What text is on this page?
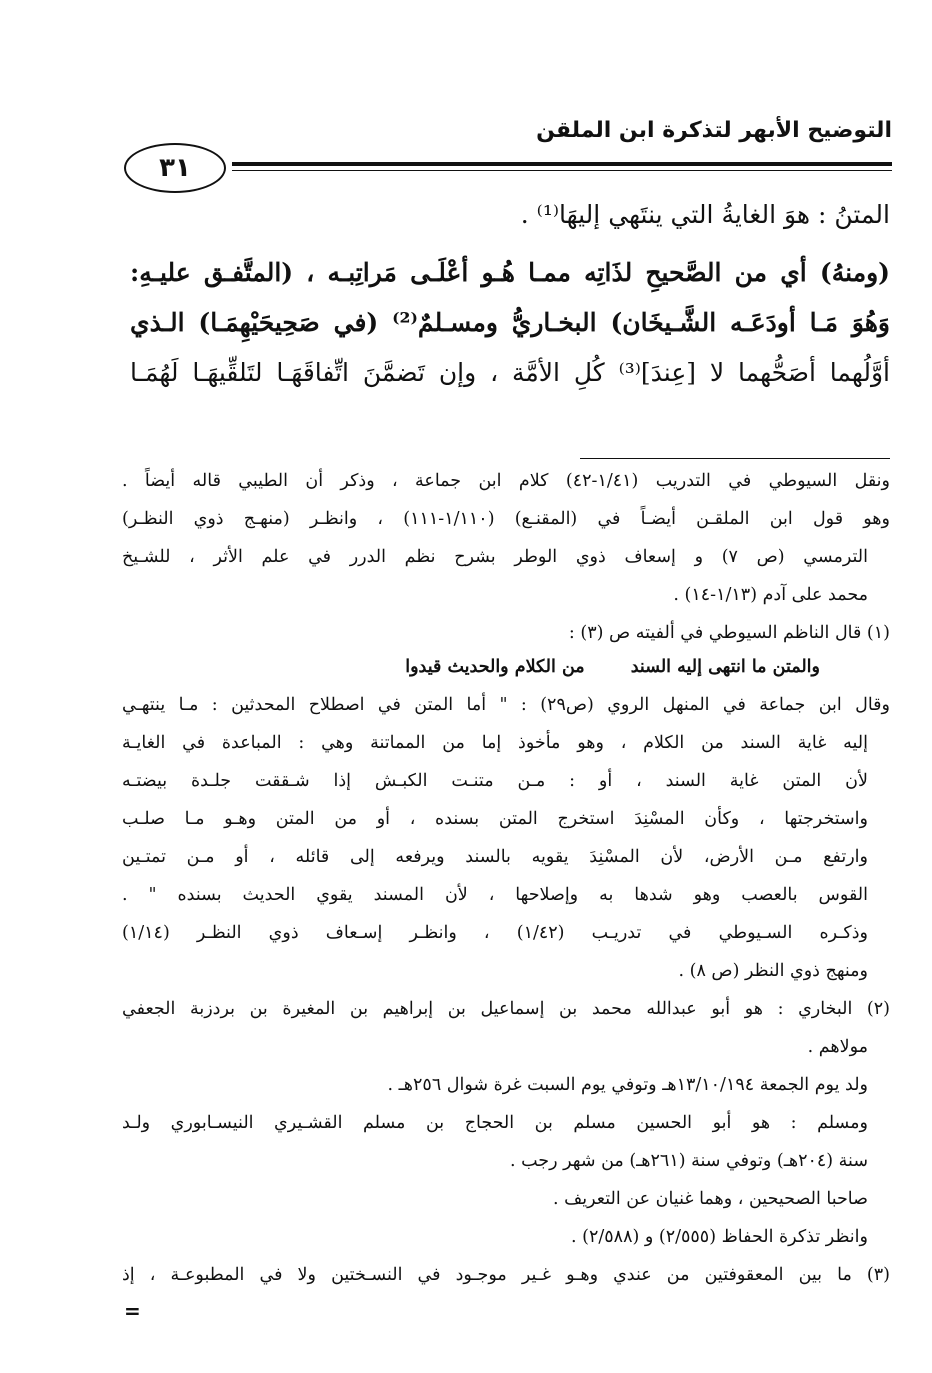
التوضيح الأبهر لتذكرة ابن الملقن
٣١
المتنُ : هوَ الغايةُ التي ينتَهي إليهَا⁽¹⁾ .
(ومنهُ) أي من الصَّحيحِ لذَاتِه ممـا هُـو أعْلَـى مَراتِبـه ، (المتَّفـق عليـهِ:
وَهُوَ مَـا أودَعَـه الشَّـيخَان) البخـاريُّ ومسـلمٌ⁽²⁾ (في صَحِيحَيْهِمَـا) الـذي
أوَّلُهما أصَحُّهما لا [عِندَ]⁽³⁾ كُلِ الأمَّة ، وإن تَضمَّنَ اتِّفاقَهَـا لتَلقِّيهَـا لَهُمَـا
ونقل السيوطي في التدريب (١/٤١-٤٢) كلام ابن جماعة ، وذكر أن الطيبي قاله أيضاً .
وهو قول ابن الملقـن أيضـاً في (المقنـع) (١/١١٠-١١١) ، وانظـر (منهـج ذوي النظـر)
الترمسي (ص ٧) و إسعاف ذوي الوطر بشرح نظم الدرر في علم الأثر ، للشـيخ
محمد على آدم (١/١٣-١٤) .
(١) قال الناظم السيوطي في ألفيته ص (٣) :
والمتن ما انتهى إليه السند من الكلام والحديث قيدوا
وقال ابن جماعة في المنهل الروي (ص٢٩) : " أما المتن في اصطلاح المحدثين : مـا ينتهـي
إليه غاية السند من الكلام ، وهو مأخوذ إما من المماتنة وهي : المباعدة في الغايـة
لأن المتن غاية السند ، أو : مـن متنـت الكبـش إذا شـققت جلـدة بيضتـه
واستخرجتها ، وكأن المسْنِدَ استخرج المتن بسنده ، أو من المتن وهـو مـا صلـب
وارتفع مـن الأرض، لأن المسْنِدَ يقويه بالسند ويرفعه إلى قائله ، أو مـن تمتـين
القوس بالعصب وهو شدها به وإصلاحها ، لأن المسند يقوي الحديث بسنده " .
وذكـره السـيوطي في تدريـب (١/٤٢) ، وانظـر إسـعاف ذوي النظـر (١/١٤)
ومنهج ذوي النظر (ص ٨) .
(٢) البخاري : هو أبو عبدالله محمد بن إسماعيل بن إبراهيم بن المغيرة بن بردزبة الجعفي
مولاهم .
ولد يوم الجمعة ١٣/١٠/١٩٤هـ وتوفي يوم السبت غرة شوال ٢٥٦هـ .
ومسلم : هو أبو الحسين مسلم بن الحجاج بن مسلم القشـيري النيسـابوري ولـد
سنة (٢٠٤هـ) وتوفي سنة (٢٦١هـ) من شهر رجب .
صاحبا الصحيحين ، وهما غنيان عن التعريف .
وانظر تذكرة الحفاظ (٢/٥٥٥) و (٢/٥٨٨) .
(٣) ما بين المعقوفتين من عندي وهـو غـير موجـود في النسـختين ولا في المطبوعـة ، إذ
=
